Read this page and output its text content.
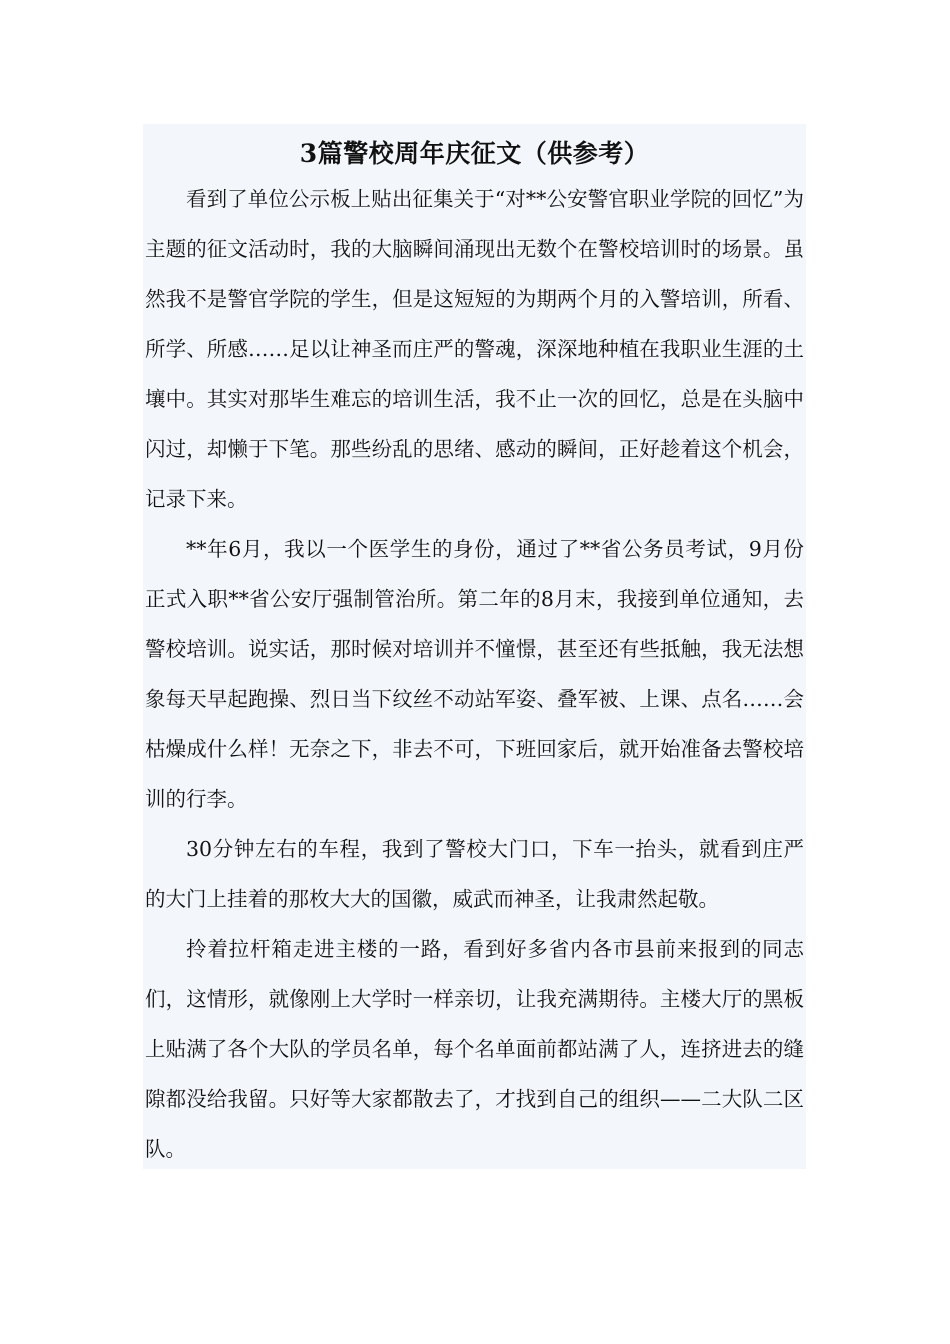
3篇警校周年庆征文（供参考）

看到了单位公示板上贴出征集关于“对**公安警官职业学院的回忆”为主题的征文活动时，我的大脑瞬间涌现出无数个在警校培训时的场景。虽然我不是警官学院的学生，但是这短短的为期两个月的入警培训，所看、所学、所感……足以让神圣而庄严的警魂，深深地种植在我职业生涯的土壤中。其实对那毕生难忘的培训生活，我不止一次的回忆，总是在头脑中闪过，却懒于下笔。那些纷乱的思绪、感动的瞬间，正好趁着这个机会，记录下来。

**年6月，我以一个医学生的身份，通过了**省公务员考试，9月份正式入职**省公安厅强制管治所。第二年的8月末，我接到单位通知，去警校培训。说实话，那时候对培训并不憧憬，甚至还有些抵触，我无法想象每天早起跑操、烈日当下纹丝不动站军姿、叠军被、上课、点名……会枯燥成什么样！无奈之下，非去不可，下班回家后，就开始准备去警校培训的行李。

30分钟左右的车程，我到了警校大门口，下车一抬头，就看到庄严的大门上挂着的那枚大大的国徽，威武而神圣，让我肃然起敬。

拎着拉杆箱走进主楼的一路，看到好多省内各市县前来报到的同志们，这情形，就像刚上大学时一样亲切，让我充满期待。主楼大厅的黑板上贴满了各个大队的学员名单，每个名单面前都站满了人，连挤进去的缝隙都没给我留。只好等大家都散去了，才找到自己的组织——二大队二区队。
